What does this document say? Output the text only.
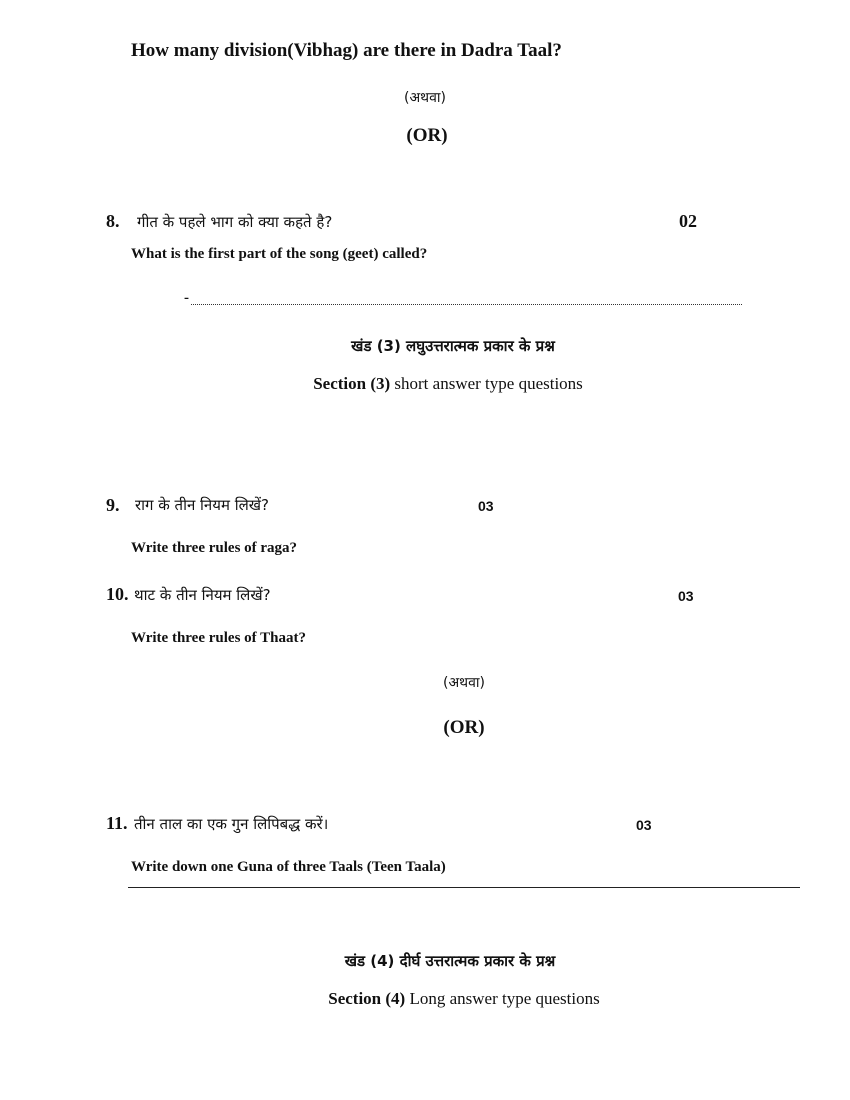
How many division(Vibhag) are there in Dadra Taal?
(अथवा)
(OR)
8. गीत के पहले भाग को क्या कहते है?	02
What is the first part of the song (geet) called?
-
खंड (3) लघुउत्तरात्मक प्रकार के प्रश्न
Section (3) short answer type questions
9. राग के तीन नियम लिखें?	03
Write three rules of raga?
10. थाट के तीन नियम लिखें?	03
Write three rules of Thaat?
(अथवा)
(OR)
11. तीन ताल का एक गुन लिपिबद्ध करें।	03
Write down one Guna of three Taals (Teen Taala)
खंड (4) दीर्घ उत्तरात्मक प्रकार के प्रश्न
Section (4) Long answer type questions
